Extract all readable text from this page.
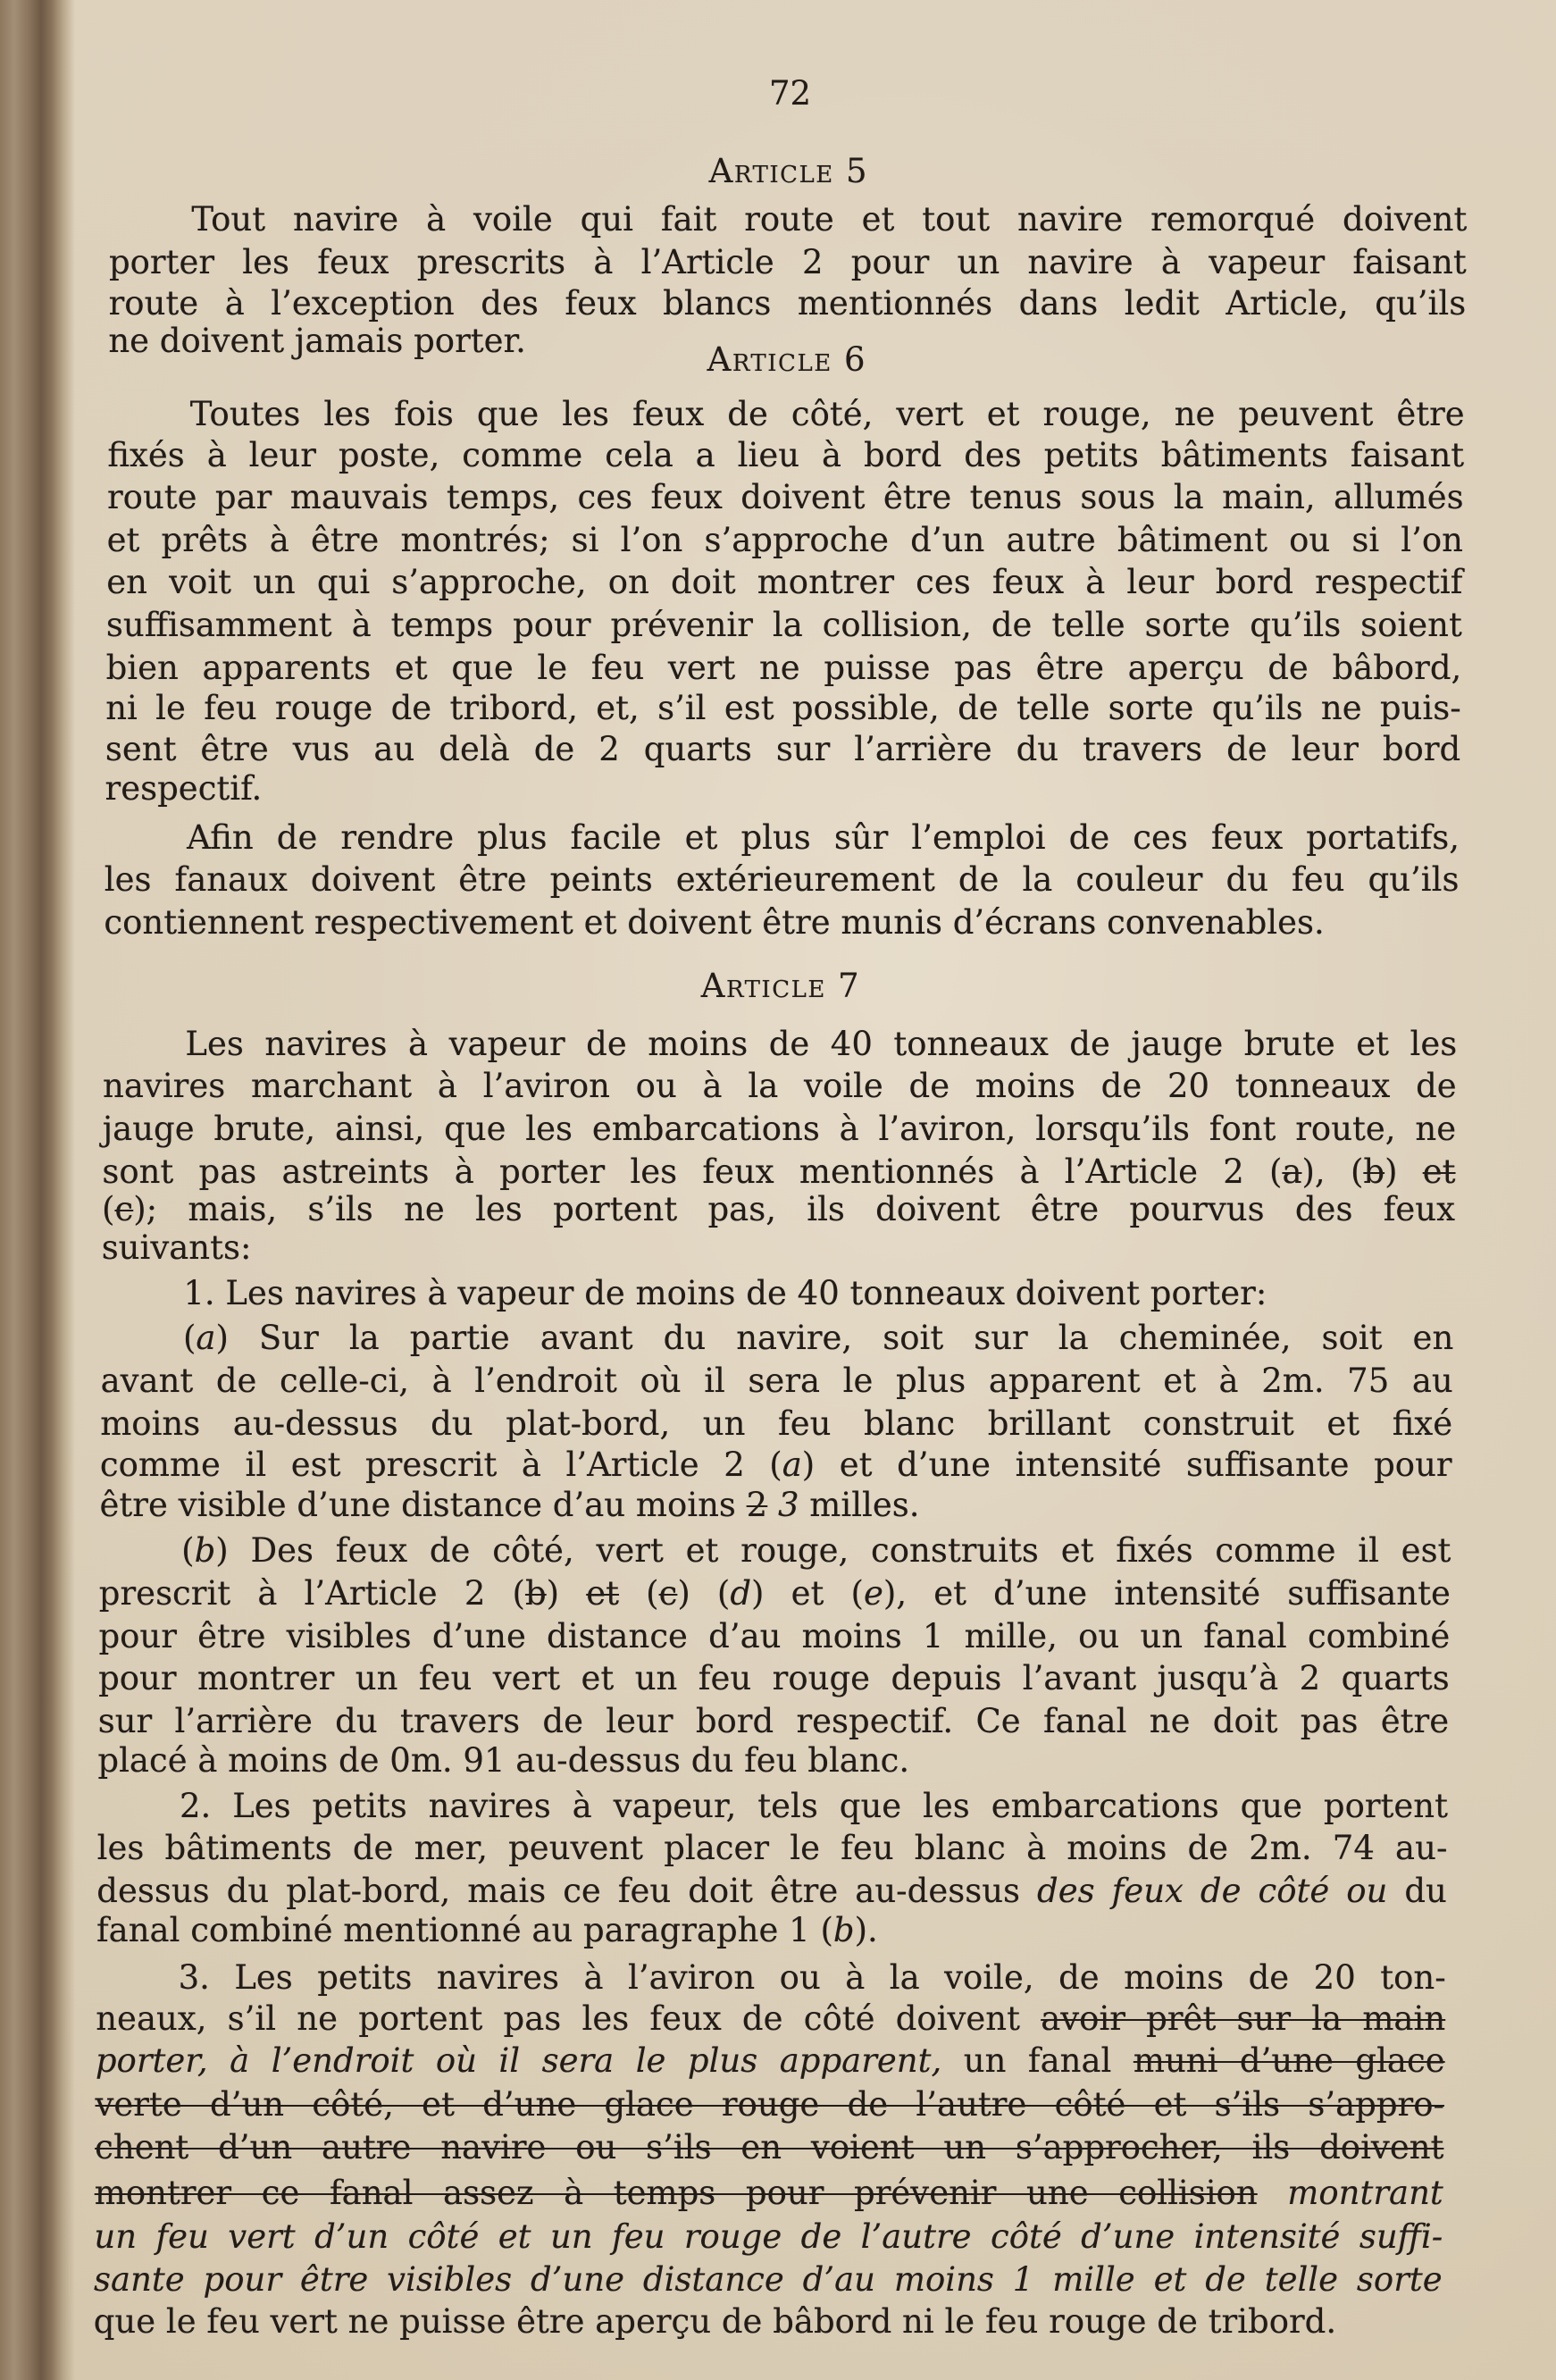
72
Article 5
Tout navire à voile qui fait route et tout navire remorqué doivent
porter les feux prescrits à l’Article 2 pour un navire à vapeur faisant
route à l’exception des feux blancs mentionnés dans ledit Article, qu’ils
ne doivent jamais porter.	Article 6
Toutes les fois que les feux de côté, vert et rouge, ne peuvent être
fixés à leur poste, comme cela a lieu à bord des petits bâtiments faisant
route par mauvais temps, ces feux doivent être tenus sous la main, allumés
et prêts à être montrés; si l’on s’approche d’un autre bâtiment ou si l’on
en voit un qui s’approche, on doit montrer ces feux à leur bord respectif
suffisamment à temps pour prévenir la collision, de telle sorte qu’ils soient
bien apparents et que le feu vert ne puisse pas être aperçu de bâbord,
ni le feu rouge de tribord, et, s’il est possible, de telle sorte qu’ils ne puis-
sent être vus au delà de 2 quarts sur l’arrière du travers de leur bord
respectif.
Afin de rendre plus facile et plus sûr l’emploi de ces feux portatifs,
les fanaux doivent être peints extérieurement de la couleur du feu qu’ils
contiennent respectivement et doivent être munis d’écrans convenables.
Article 7
Les navires à vapeur de moins de 40 tonneaux de jauge brute et les
navires marchant à l’aviron ou à la voile de moins de 20 tonneaux de
jauge brute, ainsi, que les embarcations à l’aviron, lorsqu’ils font route, ne
sont pas astreints à porter les feux mentionnés à l’Article 2 (a), (b) et
(c); mais, s’ils ne les portent pas, ils doivent être pourvus des feux
suivants:
1. Les navires à vapeur de moins de 40 tonneaux doivent porter:
(a) Sur la partie avant du navire, soit sur la cheminée, soit en
avant de celle-ci, à l’endroit où il sera le plus apparent et à 2m. 75 au
moins au-dessus du plat-bord, un feu blanc brillant construit et fixé
comme il est prescrit à l’Article 2 (a) et d’une intensité suffisante pour
être visible d’une distance d’au moins 2 3 milles.
(b) Des feux de côté, vert et rouge, construits et fixés comme il est
prescrit à l’Article 2 (b) et (c) (d) et (e), et d’une intensité suffisante
pour être visibles d’une distance d’au moins 1 mille, ou un fanal combiné
pour montrer un feu vert et un feu rouge depuis l’avant jusqu’à 2 quarts
sur l’arrière du travers de leur bord respectif. Ce fanal ne doit pas être
placé à moins de 0m. 91 au-dessus du feu blanc.
2. Les petits navires à vapeur, tels que les embarcations que portent
les bâtiments de mer, peuvent placer le feu blanc à moins de 2m. 74 au-
dessus du plat-bord, mais ce feu doit être au-dessus des feux de côté ou du
fanal combiné mentionné au paragraphe 1 (b).
3. Les petits navires à l’aviron ou à la voile, de moins de 20 ton-
neaux, s’il ne portent pas les feux de côté doivent avoir prêt sur la main
porter, à l’endroit où il sera le plus apparent, un fanal muni d’une glace
verte d’un côté, et d’une glace rouge de l’autre côté et s’ils s’appro-
chent d’un autre navire ou s’ils en voient un s’approcher, ils doivent
montrer ce fanal assez à temps pour prévenir une collision montrant
un feu vert d’un côté et un feu rouge de l’autre côté d’une intensité suffi-
sante pour être visibles d’une distance d’au moins 1 mille et de telle sorte
que le feu vert ne puisse être aperçu de bâbord ni le feu rouge de tribord.
